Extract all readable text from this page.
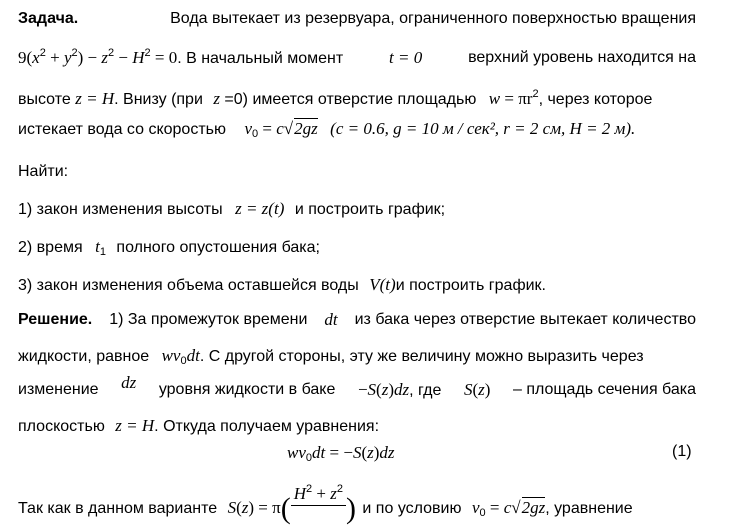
Задача.	Вода вытекает из резервуара, ограниченного поверхностью вращения
$9(x^2 + y^2) - z^2 - H^2 = 0$. В начальный момент	t = 0	верхний уровень находится на
высоте z = H. Внизу (при z =0) имеется отверстие площадью $w = \pi r^2$, через которое
истекает вода со скоростью $v_0 = c√2gz$ (c = 0.6, g = 10 м / сек², r = 2 см, H = 2 м).
Найти:
1) закон изменения высоты z = z(t) и построить график;
2) время $t_1$ полного опустошения бака;
3) закон изменения объема оставшейся воды V(t)и построить график.
Решение. 1) За промежуток времени dt из бака через отверстие вытекает количество
жидкости, равное $wv_0dt$. С другой стороны, эту же величину можно выразить через
изменение dz уровня жидкости в баке −S(z)dz, где S(z) – площадь сечения бака
плоскостью z = H. Откуда получаем уравнения:
$wv_0dt = -S(z)dz$	(1)
Так как в данном варианте S(z) = π( $H^2 + z^2$

) и по условию $v_0 = c√2gz$, уравнение
